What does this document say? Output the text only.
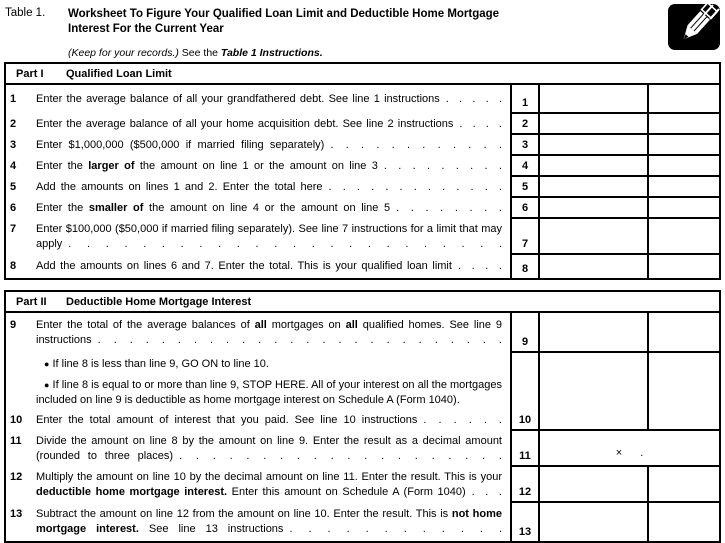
Table 1.	Worksheet To Figure Your Qualified Loan Limit and Deductible Home Mortgage
Interest For the Current Year
(Keep for your records.) See the Table 1 Instructions.
Part I	Qualified Loan Limit

1	Enter the average balance of all your grandfathered debt. See line 1 instructions . . . . .	1

2	Enter the average balance of all your home acquisition debt. See line 2 instructions . . . .	2

3	Enter $1,000,000 ($500,000 if married filing separately) . . . . . . . . . . . .	3

4	Enter the larger of the amount on line 1 or the amount on line 3 . . . . . . . . .	4

5	Add the amounts on lines 1 and 2. Enter the total here . . . . . . . . . . . . .	5

6	Enter the smaller of the amount on line 4 or the amount on line 5 . . . . . . . .	6

7	Enter $100,000 ($50,000 if married filing separately). See line 7 instructions for a limit that may apply . . . . . . . . . . . . . . . . . . . . . . . .	7

8	Add the amounts on lines 6 and 7. Enter the total. This is your qualified loan limit . . . .	8
Part II	Deductible Home Mortgage Interest

9	Enter the total of the average balances of all mortgages on all qualified homes. See line 9 instructions . . . . . . . . . . . . . . . . . . . . . . . . . .	9

● If line 8 is less than line 9, GO ON to line 10.

● If line 8 is equal to or more than line 9, STOP HERE. All of your interest on all the mortgages included on line 9 is deductible as home mortgage interest on Schedule A (Form 1040).

10	Enter the total amount of interest that you paid. See line 10 instructions . . . . . .	10

11	Divide the amount on line 8 by the amount on line 9. Enter the result as a decimal amount (rounded to three places) . . . . . . . . . . . . . . . . . . . .	11	× .

12	Multiply the amount on line 10 by the decimal amount on line 11. Enter the result. This is your deductible home mortgage interest. Enter this amount on Schedule A (Form 1040) . . .	12

13	Subtract the amount on line 12 from the amount on line 10. Enter the result. This is not home mortgage interest. See line 13 instructions . . . . . . . . . . . .	13
